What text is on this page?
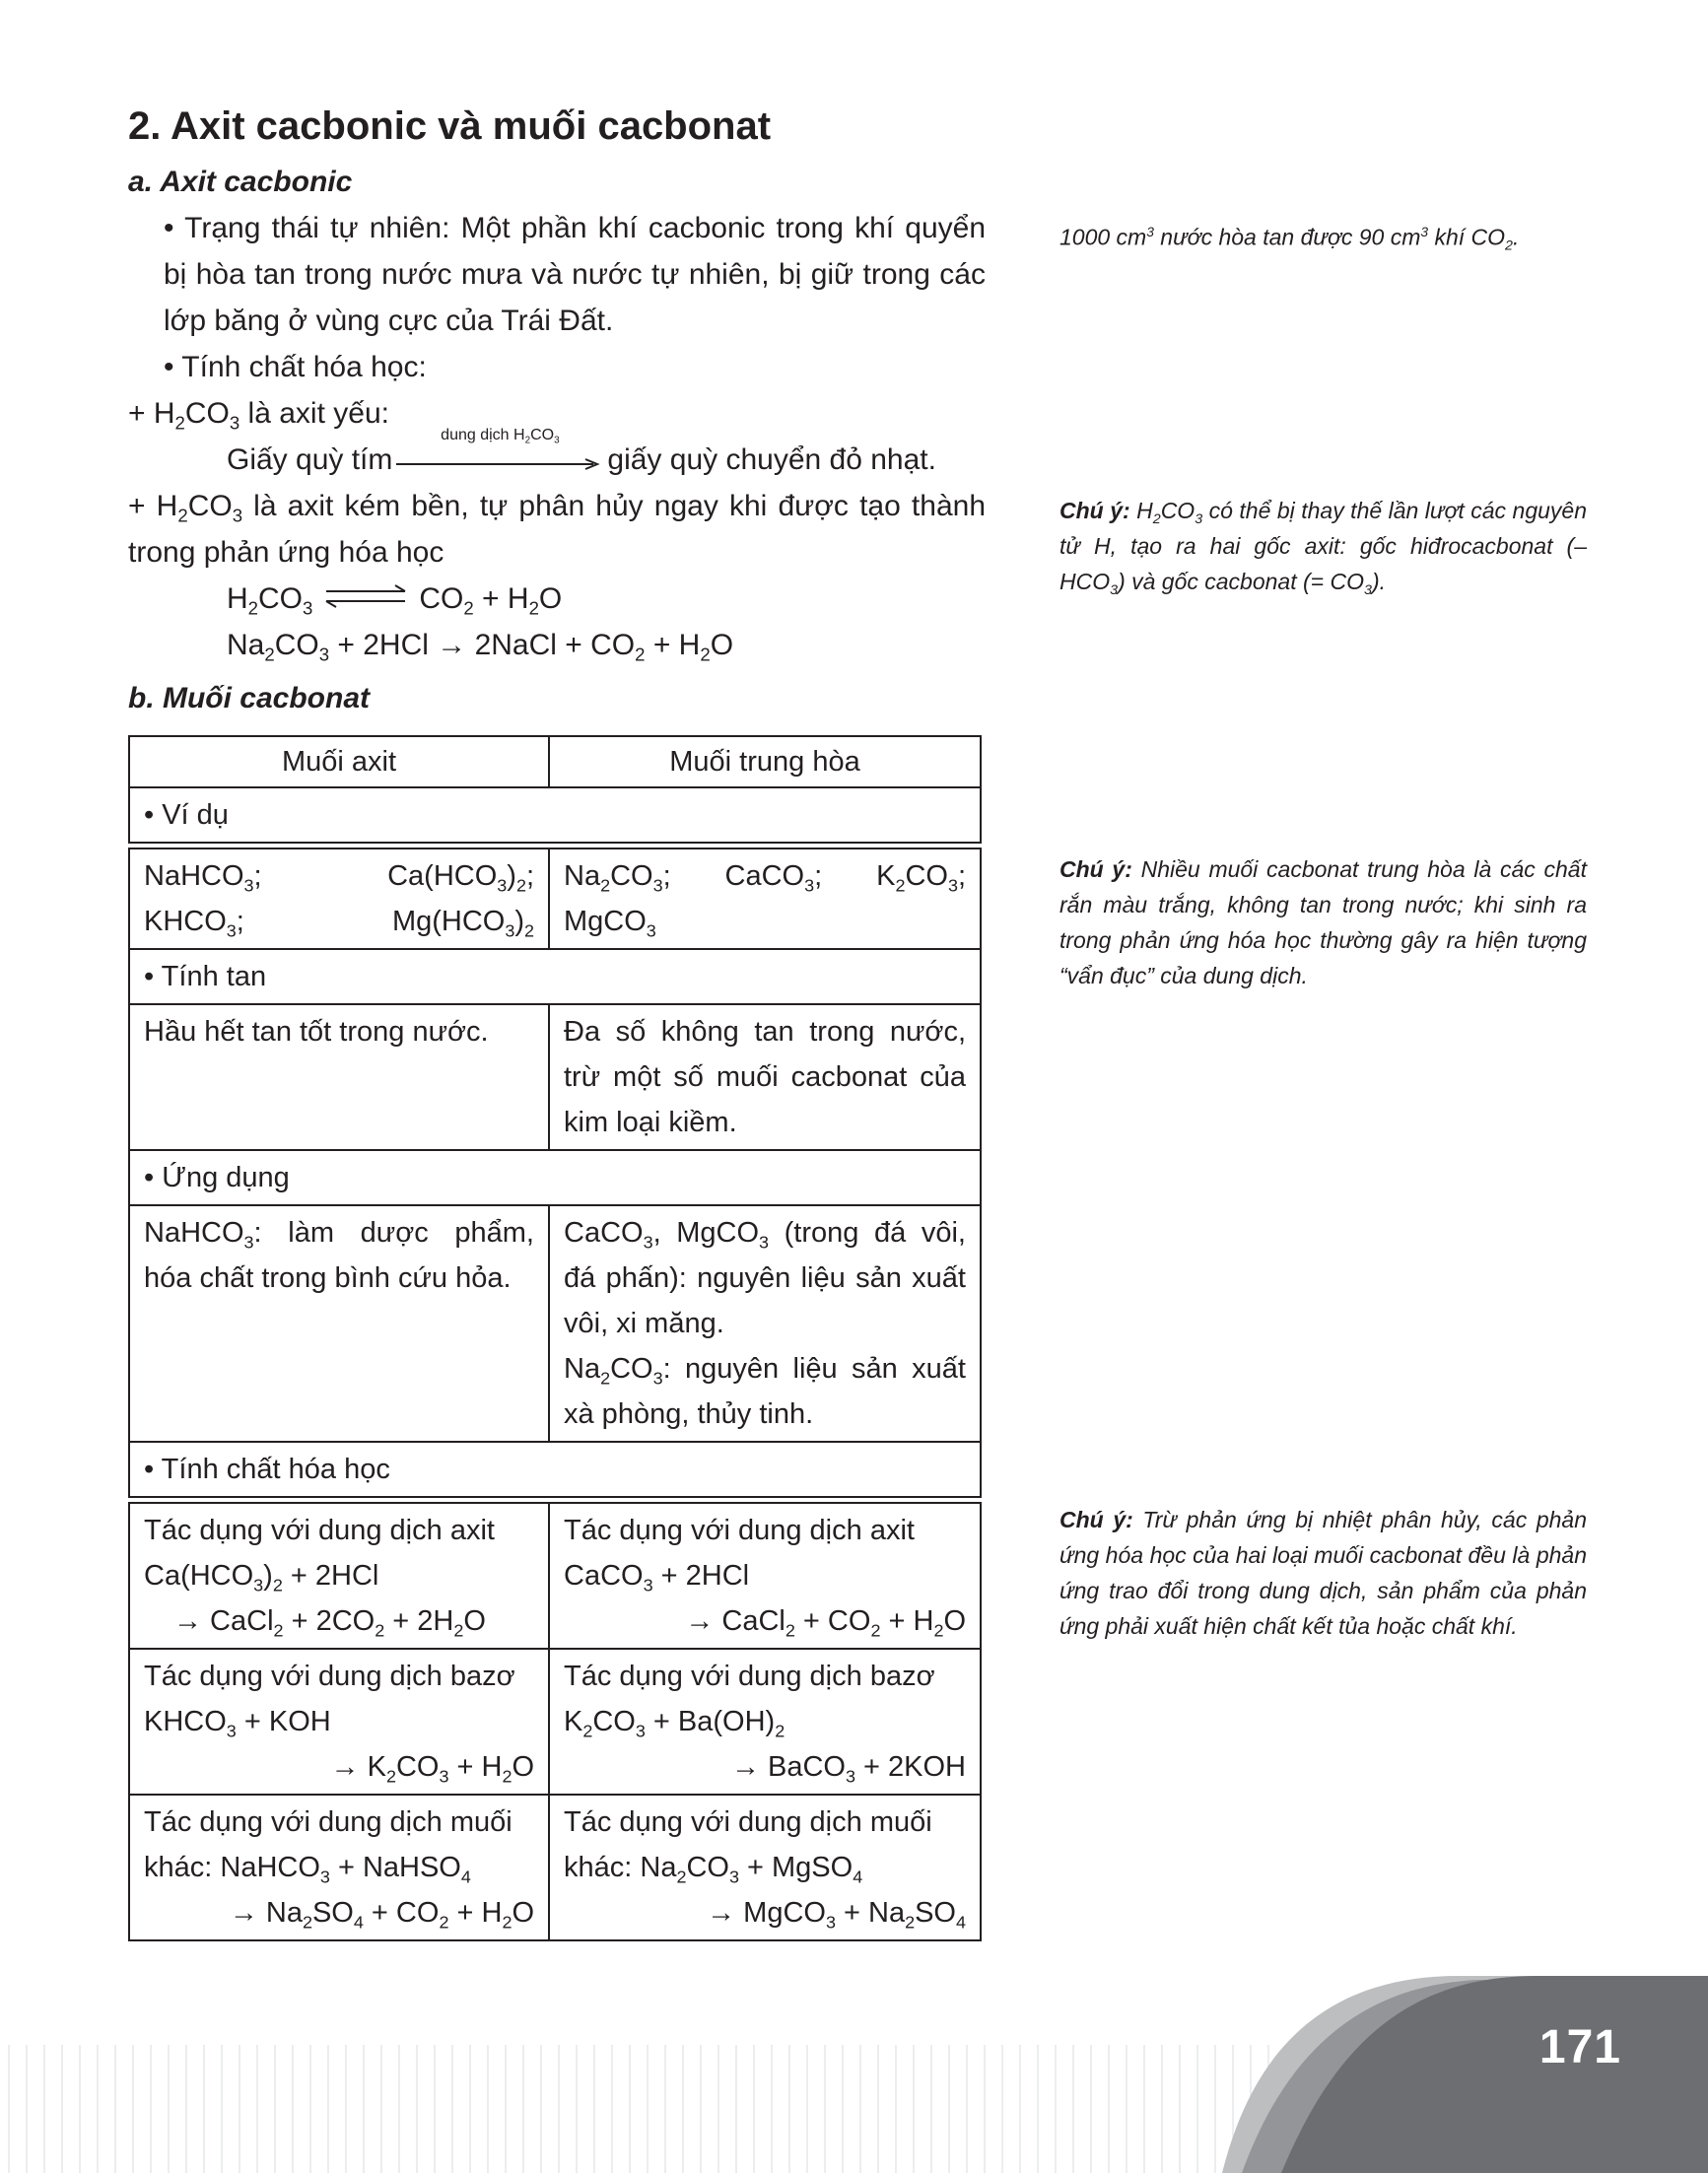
2. Axit cacbonic và muối cacbonat
a. Axit cacbonic

• Trạng thái tự nhiên: Một phần khí cacbonic trong khí quyển bị hòa tan trong nước mưa và nước tự nhiên, bị giữ trong các lớp băng ở vùng cực của Trái Đất.

• Tính chất hóa học:

+ $H_2CO_3$ là axit yếu:

Giấy quỳ tím
dung dịch $H_2CO_3$
giấy quỳ chuyển đỏ nhạt.

+ $H_2CO_3$ là axit kém bền, tự phân hủy ngay khi được tạo thành trong phản ứng hóa học

$H_2CO_3$ ⇌ $CO_2 + H_2O$

$Na_2CO_3 + 2HCl$ → 2NaCl + $CO_2 + H_2O$

b. Muối cacbonat
Muối axit	Muối trung hòa
• Ví dụ	

NaHCO$_3$; $Ca(HCO_3)_2$;
$KHCO_3$; $Mg(HCO_3)_2$	$Na_2CO_3$; CaCO$_3$; $K_2CO_3$;
MgCO$_3$
• Tính tan	
Hầu hết tan tốt trong nước.	Đa số không tan trong nước, trừ một số muối cacbonat của kim loại kiềm.
• Ứng dụng	
NaHCO$_3$: làm dược phẩm, hóa chất trong bình cứu hỏa.	CaCO$_3$, MgCO$_3$ (trong đá vôi, đá phấn): nguyên liệu sản xuất vôi, xi măng.
$Na_2CO_3$: nguyên liệu sản xuất xà phòng, thủy tinh.
• Tính chất hóa học	

Tác dụng với dung dịch axit
$Ca(HCO_3)_2 + 2HCl$
→ CaCl$_2$ + $2CO_2 + 2H_2O$	Tác dụng với dung dịch axit
CaCO$_3$ + 2HCl

→ CaCl$_2$ + $CO_2 + H_2O$

Tác dụng với dung dịch bazơ
$KHCO_3$ + KOH

→ $K_2CO_3 + H_2O$	Tác dụng với dung dịch bazơ
$K_2CO_3 + Ba(OH)_2$

→ BaCO$_3$ + 2KOH

Tác dụng với dung dịch muối
khác: NaHCO$_3$ + NaHSO$_4$

→ $Na_2SO_4 + CO_2 + H_2O$	Tác dụng với dung dịch muối
khác: $Na_2CO_3$ + MgSO$_4$

→ MgCO$_3$ + $Na_2SO_4$
1000 $cm^3$ nước hòa tan được 90 $cm^3$ khí $CO_2$.
Chú ý: $H_2CO_3$ có thể bị thay thế lần lượt các nguyên tử H, tạo ra hai gốc axit: gốc hiđrocacbonat (– $HCO_3$) và gốc cacbonat (= $CO_3$).
Chú ý: Nhiều muối cacbonat trung hòa là các chất rắn màu trắng, không tan trong nước; khi sinh ra trong phản ứng hóa học thường gây ra hiện tượng “vẩn đục” của dung dịch.
Chú ý: Trừ phản ứng bị nhiệt phân hủy, các phản ứng hóa học của hai loại muối cacbonat đều là phản ứng trao đổi trong dung dịch, sản phẩm của phản ứng phải xuất hiện chất kết tủa hoặc chất khí.
171
